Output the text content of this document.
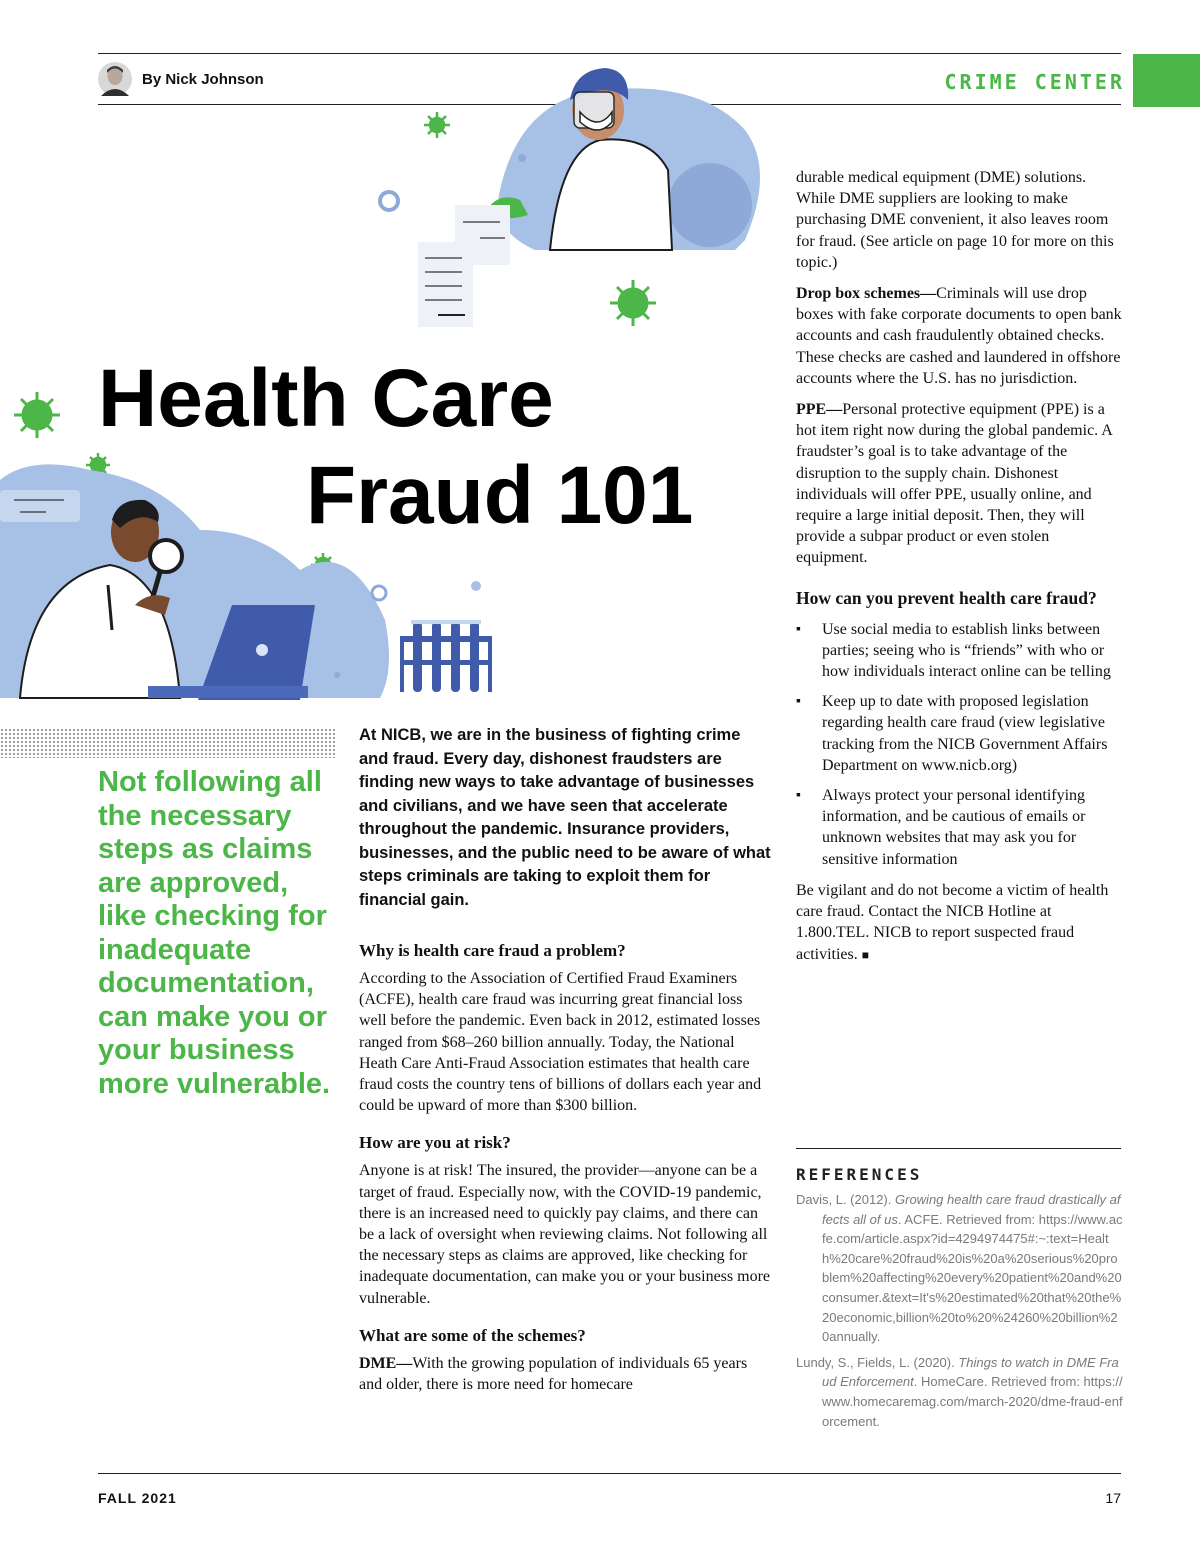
By Nick Johnson	CRIME CENTER
Health Care
Fraud 101
Not following all the necessary steps as claims are approved, like checking for inadequate documentation, can make you or your business more vulnerable.

At NICB, we are in the business of fighting crime and fraud. Every day, dishonest fraudsters are finding new ways to take advantage of businesses and civilians, and we have seen that accelerate throughout the pandemic. Insurance providers, businesses, and the public need to be aware of what steps criminals are taking to exploit them for financial gain.

Why is health care fraud a problem?

According to the Association of Certified Fraud Examiners (ACFE), health care fraud was incurring great financial loss well before the pandemic. Even back in 2012, estimated losses ranged from $68–260 billion annually. Today, the National Heath Care Anti-Fraud Association estimates that health care fraud costs the country tens of billions of dollars each year and could be upward of more than $300 billion.

How are you at risk?

Anyone is at risk! The insured, the provider—anyone can be a target of fraud. Especially now, with the COVID-19 pandemic, there is an increased need to quickly pay claims, and there can be a lack of oversight when reviewing claims. Not following all the necessary steps as claims are approved, like checking for inadequate documentation, can make you or your business more vulnerable.

What are some of the schemes?

DME—With the growing population of individuals 65 years and older, there is more need for homecare

durable medical equipment (DME) solutions. While DME suppliers are looking to make purchasing DME convenient, it also leaves room for fraud. (See article on page 10 for more on this topic.)

Drop box schemes—Criminals will use drop boxes with fake corporate documents to open bank accounts and cash fraudulently obtained checks. These checks are cashed and laundered in offshore accounts where the U.S. has no jurisdiction.

PPE—Personal protective equipment (PPE) is a hot item right now during the global pandemic. A fraudster’s goal is to take advantage of the disruption to the supply chain. Dishonest individuals will offer PPE, usually online, and require a large initial deposit. Then, they will provide a subpar product or even stolen equipment.

How can you prevent health care fraud?
▪ Use social media to establish links between parties; seeing who is “friends” with who or how individuals interact online can be telling
▪ Keep up to date with proposed legislation regarding health care fraud (view legislative tracking from the NICB Government Affairs Department on www.nicb.org)
▪ Always protect your personal identifying information, and be cautious of emails or unknown websites that may ask you for sensitive information

Be vigilant and do not become a victim of health care fraud. Contact the NICB Hotline at 1.800.TEL. NICB to report suspected fraud activities. ■

REFERENCES
Davis, L. (2012). Growing health care fraud drastically affects all of us. ACFE. Retrieved from: https://www.acfe.com/article.aspx?id=4294974475#:~:text=Health%20care%20fraud%20is%20a%20serious%20problem%20affecting%20every%20patient%20and%20consumer.&text=It's%20estimated%20that%20the%20economic,billion%20to%20%24260%20billion%20annually.
Lundy, S., Fields, L. (2020). Things to watch in DME Fraud Enforcement. HomeCare. Retrieved from: https://www.homecaremag.com/march-2020/dme-fraud-enforcement.
FALL 2021	17
